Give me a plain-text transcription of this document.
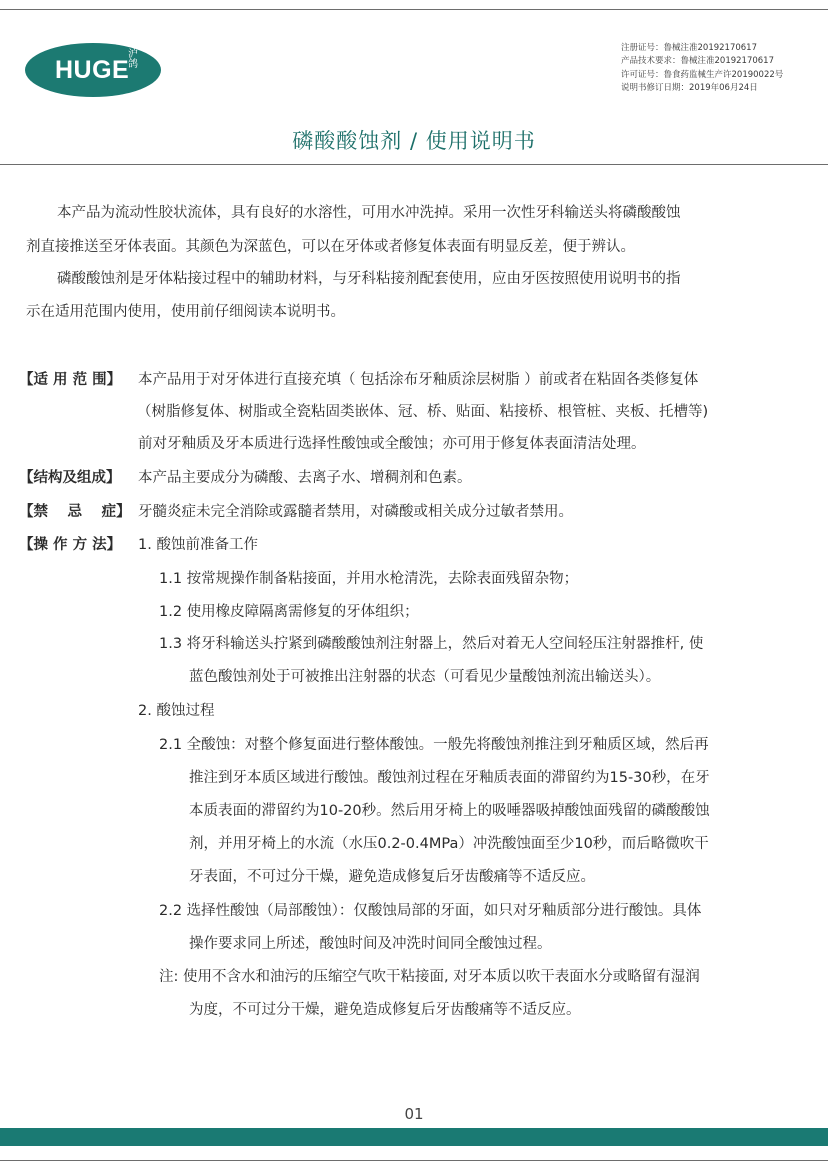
HUGE
沪
鸽
注册证号：鲁械注准20192170617
产品技术要求：鲁械注准20192170617
许可证号：鲁食药监械生产许20190022号
说明书修订日期：2019年06月24日
磷酸酸蚀剂 / 使用说明书
本产品为流动性胶状流体，具有良好的水溶性，可用水冲洗掉。采用一次性牙科输送头将磷酸酸蚀
剂直接推送至牙体表面。其颜色为深蓝色，可以在牙体或者修复体表面有明显反差，便于辨认。
磷酸酸蚀剂是牙体粘接过程中的辅助材料，与牙科粘接剂配套使用，应由牙医按照使用说明书的指
示在适用范围内使用，使用前仔细阅读本说明书。
【适 用 范 围】 本产品用于对牙体进行直接充填（ 包括涂布牙釉质涂层树脂 ）前或者在粘固各类修复体
（树脂修复体、树脂或全瓷粘固类嵌体、冠、桥、贴面、粘接桥、根管桩、夹板、托槽等)
前对牙釉质及牙本质进行选择性酸蚀或全酸蚀；亦可用于修复体表面清洁处理。
【结构及组成】 本产品主要成分为磷酸、去离子水、增稠剂和色素。
【禁　 忌　 症】 牙髓炎症未完全消除或露髓者禁用，对磷酸或相关成分过敏者禁用。
【操 作 方 法】 1. 酸蚀前准备工作
1.1 按常规操作制备粘接面，并用水枪清洗，去除表面残留杂物；
1.2 使用橡皮障隔离需修复的牙体组织；
1.3 将牙科输送头拧紧到磷酸酸蚀剂注射器上，然后对着无人空间轻压注射器推杆, 使
蓝色酸蚀剂处于可被推出注射器的状态（可看见少量酸蚀剂流出输送头）。
2. 酸蚀过程
2.1 全酸蚀：对整个修复面进行整体酸蚀。一般先将酸蚀剂推注到牙釉质区域，然后再
推注到牙本质区域进行酸蚀。酸蚀剂过程在牙釉质表面的滞留约为15-30秒，在牙
本质表面的滞留约为10-20秒。然后用牙椅上的吸唾器吸掉酸蚀面残留的磷酸酸蚀
剂，并用牙椅上的水流（水压0.2-0.4MPa）冲洗酸蚀面至少10秒，而后略微吹干
牙表面，不可过分干燥，避免造成修复后牙齿酸痛等不适反应。
2.2 选择性酸蚀（局部酸蚀）：仅酸蚀局部的牙面，如只对牙釉质部分进行酸蚀。具体
操作要求同上所述，酸蚀时间及冲洗时间同全酸蚀过程。
注: 使用不含水和油污的压缩空气吹干粘接面, 对牙本质以吹干表面水分或略留有湿润
为度，不可过分干燥，避免造成修复后牙齿酸痛等不适反应。
01
